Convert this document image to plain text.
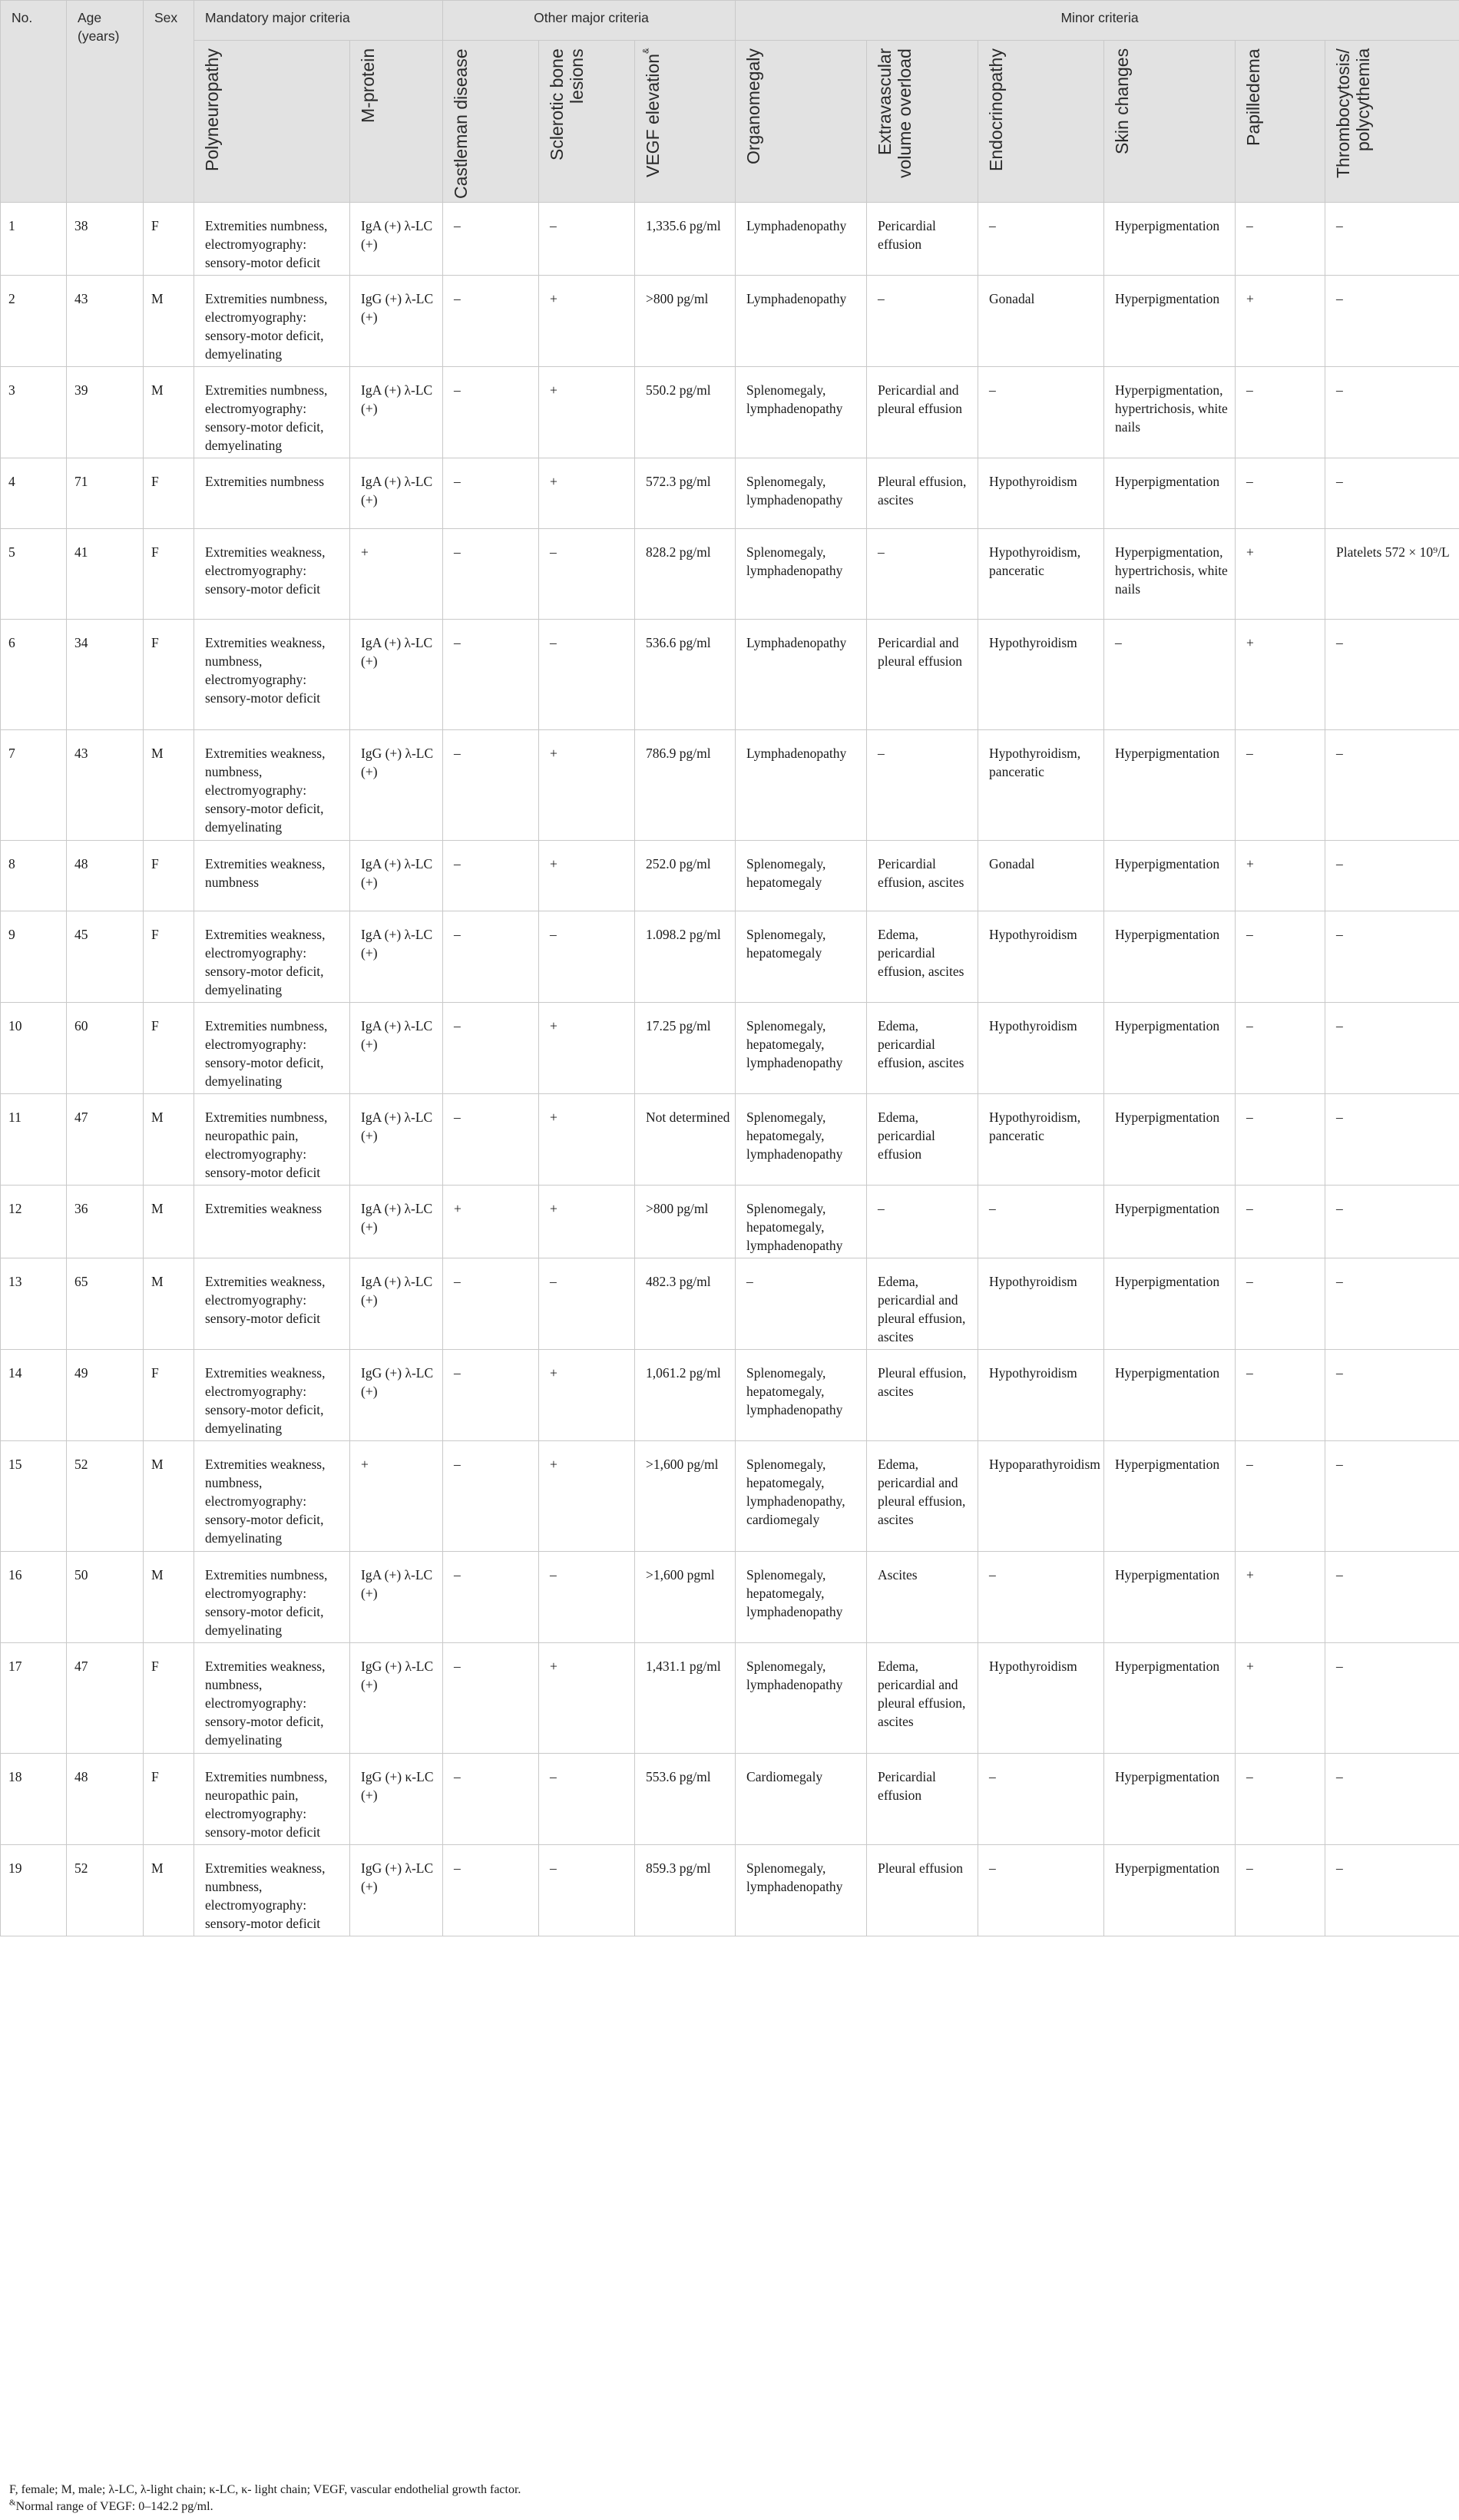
No.	Age (years)	Sex	Mandatory major criteria		Other major criteria			Minor criteria					

			Polyneuropathy	M-protein	Castleman disease	Sclerotic bone lesions	VEGF elevation&	Organomegaly	Extravascular volume overload	Endocrinopathy	Skin changes	Papilledema	Thrombocytosis/ polycythemia

1	38	F	Extremities numbness, electromyography: sensory-motor deficit	IgA (+) λ-LC (+)	–	–	1,335.6 pg/ml	Lymphadenopathy	Pericardial effusion	–	Hyperpigmentation	–	–
2	43	M	Extremities numbness, electromyography: sensory-motor deficit, demyelinating	IgG (+) λ-LC (+)	–	+	>800 pg/ml	Lymphadenopathy	–	Gonadal	Hyperpigmentation	+	–
3	39	M	Extremities numbness, electromyography: sensory-motor deficit, demyelinating	IgA (+) λ-LC (+)	–	+	550.2 pg/ml	Splenomegaly, lymphadenopathy	Pericardial and pleural effusion	–	Hyperpigmentation, hypertrichosis, white nails	–	–
4	71	F	Extremities numbness	IgA (+) λ-LC (+)	–	+	572.3 pg/ml	Splenomegaly, lymphadenopathy	Pleural effusion, ascites	Hypothyroidism	Hyperpigmentation	–	–
5	41	F	Extremities weakness, electromyography: sensory-motor deficit	+	–	–	828.2 pg/ml	Splenomegaly, lymphadenopathy	–	Hypothyroidism, panceratic	Hyperpigmentation, hypertrichosis, white nails	+	Platelets 572 × 10⁹/L
6	34	F	Extremities weakness, numbness, electromyography: sensory-motor deficit	IgA (+) λ-LC (+)	–	–	536.6 pg/ml	Lymphadenopathy	Pericardial and pleural effusion	Hypothyroidism	–	+	–
7	43	M	Extremities weakness, numbness, electromyography: sensory-motor deficit, demyelinating	IgG (+) λ-LC (+)	–	+	786.9 pg/ml	Lymphadenopathy	–	Hypothyroidism, panceratic	Hyperpigmentation	–	–
8	48	F	Extremities weakness, numbness	IgA (+) λ-LC (+)	–	+	252.0 pg/ml	Splenomegaly, hepatomegaly	Pericardial effusion, ascites	Gonadal	Hyperpigmentation	+	–
9	45	F	Extremities weakness, electromyography: sensory-motor deficit, demyelinating	IgA (+) λ-LC (+)	–	–	1.098.2 pg/ml	Splenomegaly, hepatomegaly	Edema, pericardial effusion, ascites	Hypothyroidism	Hyperpigmentation	–	–
10	60	F	Extremities numbness, electromyography: sensory-motor deficit, demyelinating	IgA (+) λ-LC (+)	–	+	17.25 pg/ml	Splenomegaly, hepatomegaly, lymphadenopathy	Edema, pericardial effusion, ascites	Hypothyroidism	Hyperpigmentation	–	–
11	47	M	Extremities numbness, neuropathic pain, electromyography: sensory-motor deficit	IgA (+) λ-LC (+)	–	+	Not determined	Splenomegaly, hepatomegaly, lymphadenopathy	Edema, pericardial effusion	Hypothyroidism, panceratic	Hyperpigmentation	–	–
12	36	M	Extremities weakness	IgA (+) λ-LC (+)	+	+	>800 pg/ml	Splenomegaly, hepatomegaly, lymphadenopathy	–	–	Hyperpigmentation	–	–
13	65	M	Extremities weakness, electromyography: sensory-motor deficit	IgA (+) λ-LC (+)	–	–	482.3 pg/ml	–	Edema, pericardial and pleural effusion, ascites	Hypothyroidism	Hyperpigmentation	–	–
14	49	F	Extremities weakness, electromyography: sensory-motor deficit, demyelinating	IgG (+) λ-LC (+)	–	+	1,061.2 pg/ml	Splenomegaly, hepatomegaly, lymphadenopathy	Pleural effusion, ascites	Hypothyroidism	Hyperpigmentation	–	–
15	52	M	Extremities weakness, numbness, electromyography: sensory-motor deficit, demyelinating	+	–	+	>1,600 pg/ml	Splenomegaly, hepatomegaly, lymphadenopathy, cardiomegaly	Edema, pericardial and pleural effusion, ascites	Hypoparathyroidism	Hyperpigmentation	–	–
16	50	M	Extremities numbness, electromyography: sensory-motor deficit, demyelinating	IgA (+) λ-LC (+)	–	–	>1,600 pgml	Splenomegaly, hepatomegaly, lymphadenopathy	Ascites	–	Hyperpigmentation	+	–
17	47	F	Extremities weakness, numbness, electromyography: sensory-motor deficit, demyelinating	IgG (+) λ-LC (+)	–	+	1,431.1 pg/ml	Splenomegaly, lymphadenopathy	Edema, pericardial and pleural effusion, ascites	Hypothyroidism	Hyperpigmentation	+	–
18	48	F	Extremities numbness, neuropathic pain, electromyography: sensory-motor deficit	IgG (+) κ-LC (+)	–	–	553.6 pg/ml	Cardiomegaly	Pericardial effusion	–	Hyperpigmentation	–	–
19	52	M	Extremities weakness, numbness, electromyography: sensory-motor deficit	IgG (+) λ-LC (+)	–	–	859.3 pg/ml	Splenomegaly, lymphadenopathy	Pleural effusion	–	Hyperpigmentation	–	–
F, female; M, male; λ-LC, λ-light chain; κ-LC, κ- light chain; VEGF, vascular endothelial growth factor.
&Normal range of VEGF: 0–142.2 pg/ml.
